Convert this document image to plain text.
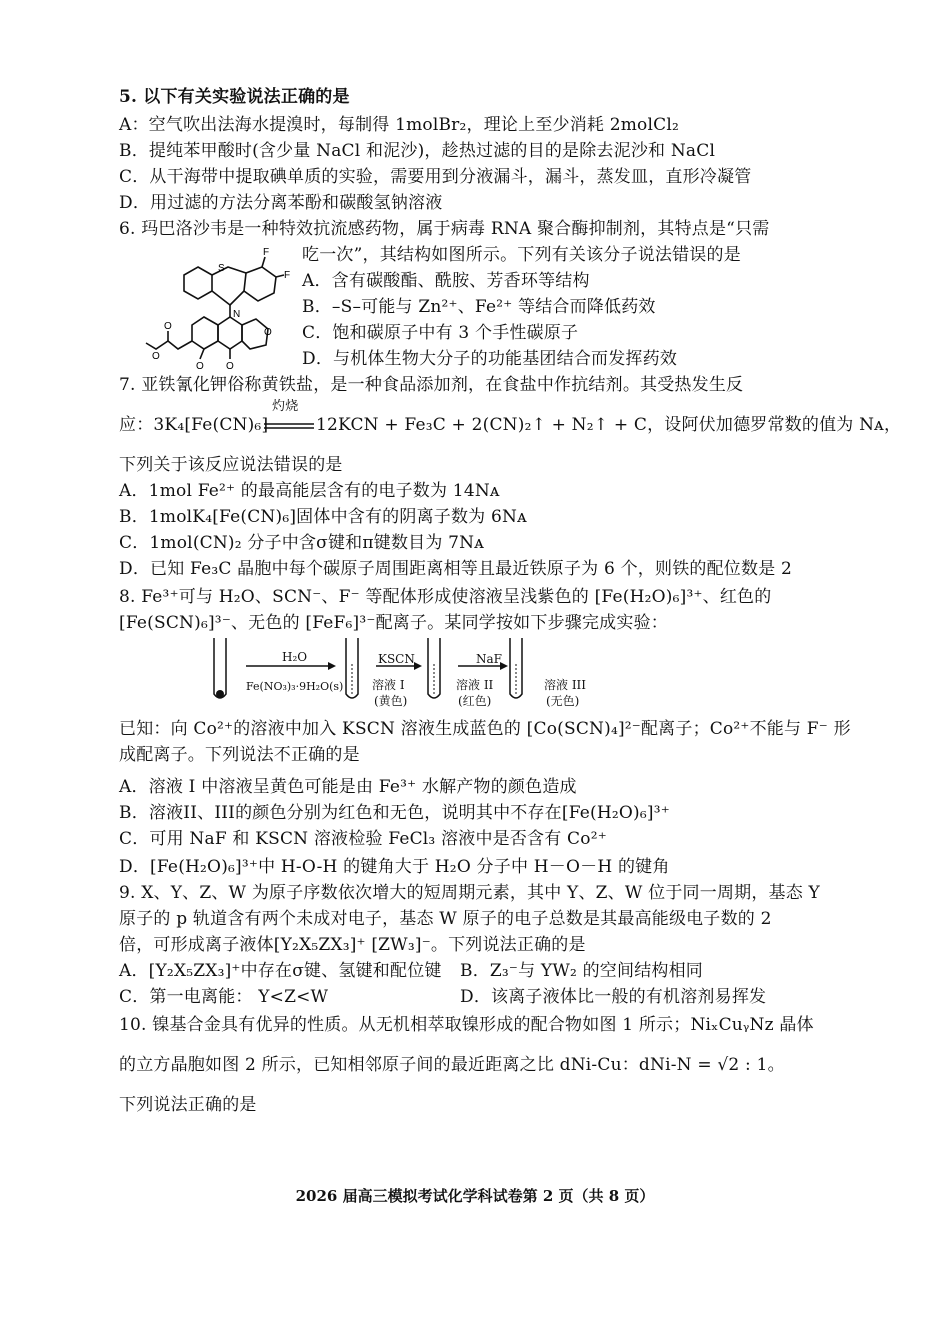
5. 以下有关实验说法正确的是
A：空气吹出法海水提溴时，每制得 1molBr₂，理论上至少消耗 2molCl₂
B．提纯苯甲酸时(含少量 NaCl 和泥沙)，趁热过滤的目的是除去泥沙和 NaCl
C．从干海带中提取碘单质的实验，需要用到分液漏斗，漏斗，蒸发皿，直形冷凝管
D．用过滤的方法分离苯酚和碳酸氢钠溶液
6. 玛巴洛沙韦是一种特效抗流感药物，属于病毒 RNA 聚合酶抑制剂，其特点是“只需
吃一次”，其结构如图所示。下列有关该分子说法错误的是
A．含有碳酸酯、酰胺、芳香环等结构
B．–S–可能与 Zn²⁺、Fe²⁺ 等结合而降低药效
C．饱和碳原子中有 3 个手性碳原子
D．与机体生物大分子的功能基团结合而发挥药效
S
F
F
N
O O
O
O
O
7. 亚铁氰化钾俗称黄铁盐，是一种食品添加剂，在食盐中作抗结剂。其受热发生反
应：3K₄[Fe(CN)₆]
灼烧
12KCN + Fe₃C + 2(CN)₂↑ + N₂↑ + C，设阿伏加德罗常数的值为 Nᴀ，
下列关于该反应说法错误的是
A．1mol Fe²⁺ 的最高能层含有的电子数为 14Nᴀ
B．1molK₄[Fe(CN)₆]固体中含有的阴离子数为 6Nᴀ
C．1mol(CN)₂ 分子中含σ键和π键数目为 7Nᴀ
D．已知 Fe₃C 晶胞中每个碳原子周围距离相等且最近铁原子为 6 个，则铁的配位数是 2
8. Fe³⁺可与 H₂O、SCN⁻、F⁻ 等配体形成使溶液呈浅紫色的 [Fe(H₂O)₆]³⁺、红色的
[Fe(SCN)₆]³⁻、无色的 [FeF₆]³⁻配离子。某同学按如下步骤完成实验：
H₂O
Fe(NO₃)₃·9H₂O(s)
KSCN	NaF
溶液 I
(黄色)
溶液 II
(红色)
溶液 III
(无色)
已知：向 Co²⁺的溶液中加入 KSCN 溶液生成蓝色的 [Co(SCN)₄]²⁻配离子；Co²⁺不能与 F⁻ 形
成配离子。下列说法不正确的是
A．溶液 I 中溶液呈黄色可能是由 Fe³⁺ 水解产物的颜色造成
B．溶液II、III的颜色分别为红色和无色，说明其中不存在[Fe(H₂O)₆]³⁺
C．可用 NaF 和 KSCN 溶液检验 FeCl₃ 溶液中是否含有 Co²⁺
D．[Fe(H₂O)₆]³⁺中 H-O-H 的键角大于 H₂O 分子中 H－O－H 的键角
9. X、Y、Z、W 为原子序数依次增大的短周期元素，其中 Y、Z、W 位于同一周期，基态 Y
原子的 p 轨道含有两个未成对电子，基态 W 原子的电子总数是其最高能级电子数的 2
倍，可形成离子液体[Y₂X₅ZX₃]⁺ [ZW₃]⁻。下列说法正确的是
A．[Y₂X₅ZX₃]⁺中存在σ键、氢键和配位键 B．Z₃⁻与 YW₂ 的空间结构相同
C．第一电离能： Y<Z<W	D．该离子液体比一般的有机溶剂易挥发
10. 镍基合金具有优异的性质。从无机相萃取镍形成的配合物如图 1 所示；NiₓCuᵧNz 晶体
的立方晶胞如图 2 所示，已知相邻原子间的最近距离之比 dNi-Cu：dNi-N = √2 : 1。
下列说法正确的是
2026 届高三模拟考试化学科试卷第 2 页（共 8 页）
